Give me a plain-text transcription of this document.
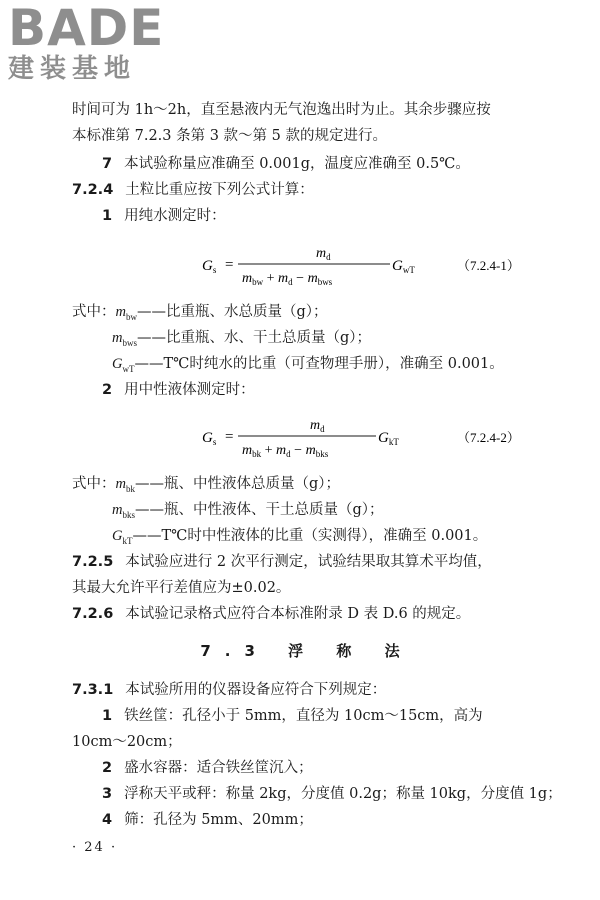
BADE
建装基地
时间可为 1h～2h，直至悬液内无气泡逸出时为止。其余步骤应按
本标准第 7.2.3 条第 3 款～第 5 款的规定进行。
7 本试验称量应准确至 0.001g，温度应准确至 0.5℃。
7.2.4 土粒比重应按下列公式计算：
1 用纯水测定时：
$G_s$ =
$m_d$
$m_{bw} + m_d - m_{bws}$
$G_{wT}$	（7.2.4-1）
式中：$m_{bw}——$比重瓶、水总质量（g）；
$m_{bws}——$比重瓶、水、干土总质量（g）；
$G_{wT}——T℃$时纯水的比重（可查物理手册），准确至 0.001。
2 用中性液体测定时：
$G_s$ =
$m_d$
$m_{bk} + m_d - m_{bks}$
$G_{kT}$	（7.2.4-2）
式中：$m_{bk}——$瓶、中性液体总质量（g）；
$m_{bks}——$瓶、中性液体、干土总质量（g）；
$G_{kT}——T℃$时中性液体的比重（实测得），准确至 0.001。
7.2.5 本试验应进行 2 次平行测定，试验结果取其算术平均值，
其最大允许平行差值应为±0.02。
7.2.6 本试验记录格式应符合本标准附录 D 表 D.6 的规定。
7.3 浮 称 法
7.3.1 本试验所用的仪器设备应符合下列规定：
1 铁丝筐：孔径小于 5mm，直径为 10cm～15cm，高为
10cm～20cm；
2 盛水容器：适合铁丝筐沉入；
3 浮称天平或秤：称量 2kg，分度值 0.2g；称量 10kg，分度值 1g；
4 筛：孔径为 5mm、20mm；
· 24 ·
